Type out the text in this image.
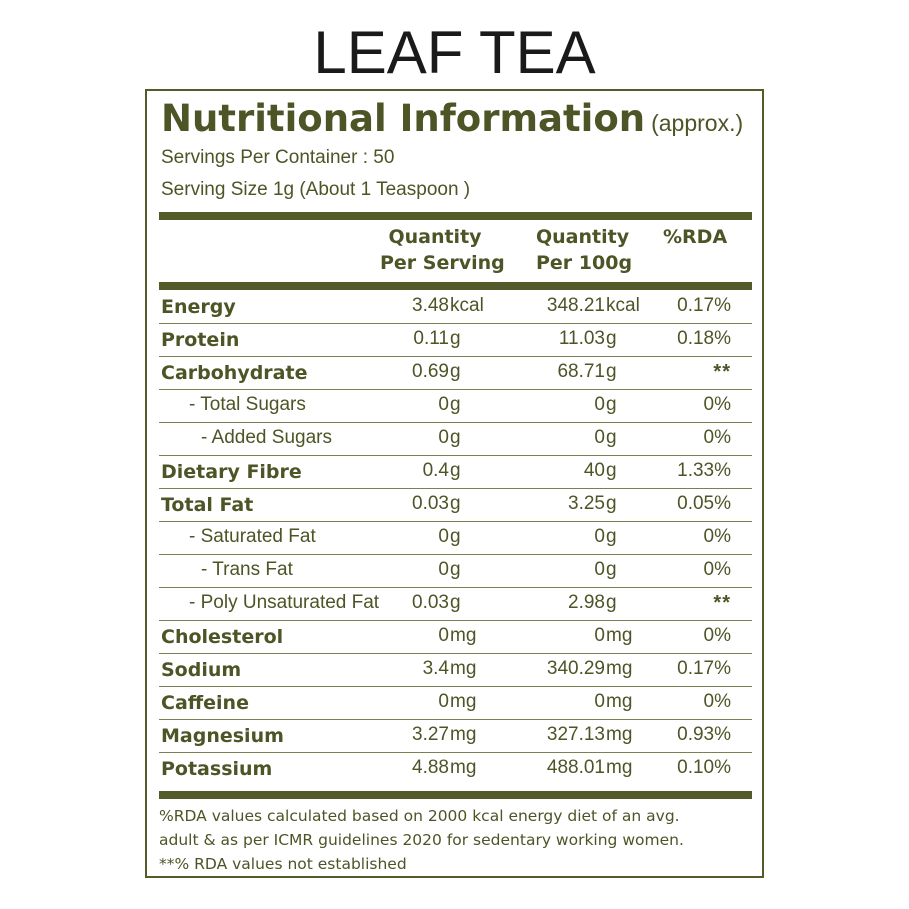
LEAF TEA
Nutritional Information (approx.)
Servings Per Container : 50
Serving Size 1g (About 1 Teaspoon )
Quantity
Per Serving
Quantity
Per 100g
%RDA
Energy	3.48 kcal	348.21 kcal 0.17%
Protein	0.11 g	11.03 g	0.18%
Carbohydrate	0.69 g	68.71 g	**
- Total Sugars	0 g	0 g	0%
- Added Sugars	0 g	0 g	0%
Dietary Fibre	0.4 g	40 g	1.33%
Total Fat	0.03 g	3.25 g	0.05%
- Saturated Fat	0 g	0 g	0%
- Trans Fat	0 g	0 g	0%
- Poly Unsaturated Fat 0.03 g	2.98 g	**
Cholesterol	0 mg	0 mg	0%
Sodium	3.4 mg	340.29 mg 0.17%
Caffeine	0 mg	0 mg	0%
Magnesium	3.27 mg	327.13 mg 0.93%
Potassium	4.88 mg	488.01 mg 0.10%
%RDA values calculated based on 2000 kcal energy diet of an avg.
adult & as per ICMR guidelines 2020 for sedentary working women.
**% RDA values not established
